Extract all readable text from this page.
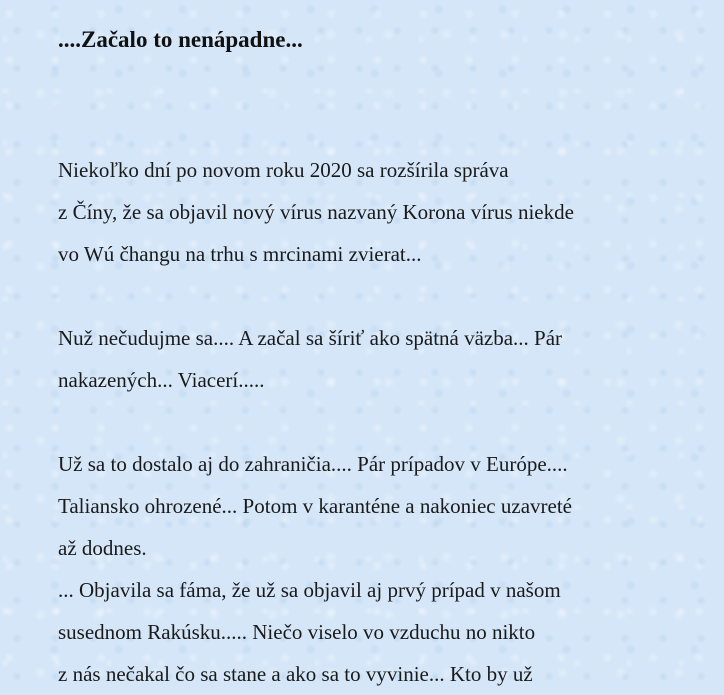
....Začalo to nenápadne...
Niekoľko dní po novom roku 2020 sa rozšírila správa
z Číny, že sa objavil nový vírus nazvaný Korona vírus niekde
vo Wú čhangu na trhu s mrcinami zvierat...
Nuž nečudujme sa.... A začal sa šíriť ako spätná väzba... Pár
nakazených... Viacerí.....
Už sa to dostalo aj do zahraničia.... Pár prípadov v Európe....
Taliansko ohrozené... Potom v karanténe a nakoniec uzavreté
až dodnes.
... Objavila sa fáma, že už sa objavil aj prvý prípad v našom
susednom Rakúsku..... Niečo viselo vo vzduchu no nikto
z nás nečakal čo sa stane a ako sa to vyvinie... Kto by už
